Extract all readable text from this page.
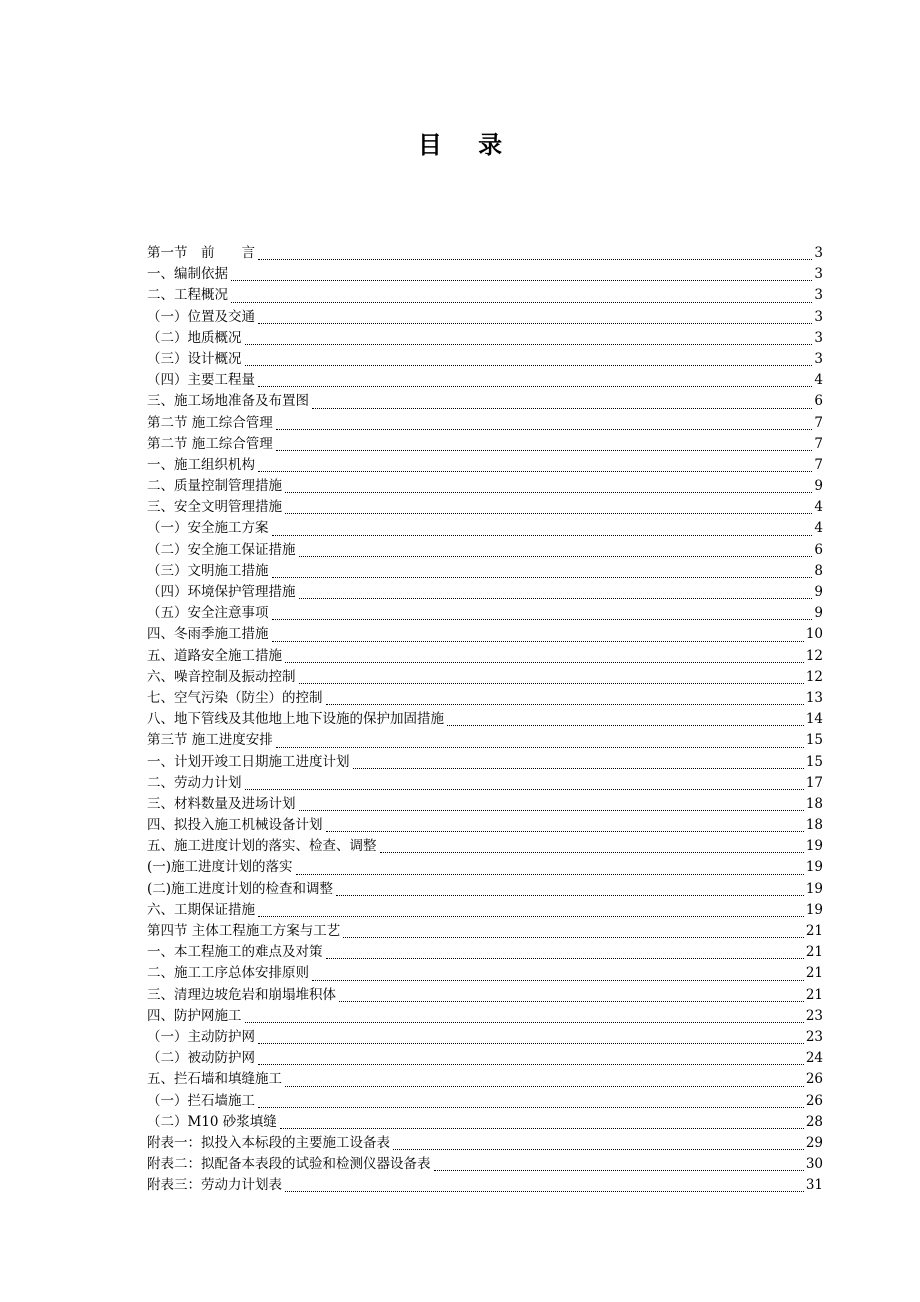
目 录
第一节　前　　言	3
一、编制依据	3
二、工程概况	3
（一）位置及交通	3
（二）地质概况	3
（三）设计概况	3
（四）主要工程量	4
三、施工场地准备及布置图	6
第二节 施工综合管理	7
第二节 施工综合管理	7
一、施工组织机构	7
二、质量控制管理措施	9
三、安全文明管理措施	4
（一）安全施工方案	4
（二）安全施工保证措施	6
（三）文明施工措施	8
（四）环境保护管理措施	9
（五）安全注意事项	9
四、冬雨季施工措施	10
五、道路安全施工措施	12
六、噪音控制及振动控制	12
七、空气污染（防尘）的控制	13
八、地下管线及其他地上地下设施的保护加固措施	14
第三节 施工进度安排	15
一、计划开竣工日期施工进度计划	15
二、劳动力计划	17
三、材料数量及进场计划	18
四、拟投入施工机械设备计划	18
五、施工进度计划的落实、检查、调整	19
(一)施工进度计划的落实	19
(二)施工进度计划的检查和调整	19
六、工期保证措施	19
第四节 主体工程施工方案与工艺	21
一、本工程施工的难点及对策	21
二、施工工序总体安排原则	21
三、清理边坡危岩和崩塌堆积体	21
四、防护网施工	23
（一）主动防护网	23
（二）被动防护网	24
五、拦石墙和填缝施工	26
（一）拦石墙施工	26
（二）M10 砂浆填缝	28
附表一：拟投入本标段的主要施工设备表	29
附表二：拟配备本表段的试验和检测仪器设备表	30
附表三：劳动力计划表	31
